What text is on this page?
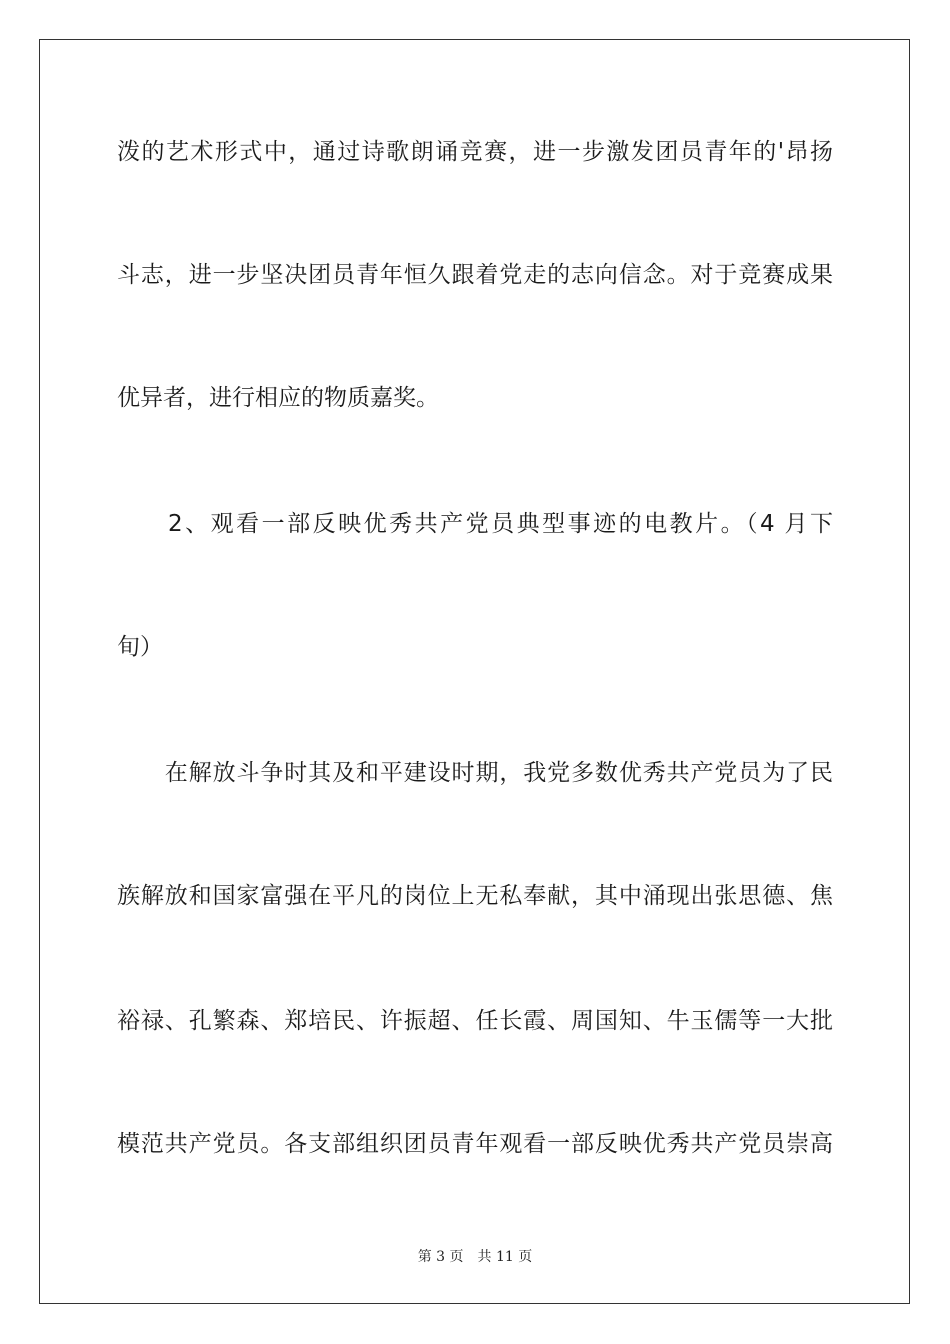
泼的艺术形式中，通过诗歌朗诵竞赛，进一步激发团员青年的'昂扬
斗志，进一步坚决团员青年恒久跟着党走的志向信念。对于竞赛成果
优异者，进行相应的物质嘉奖。
　　2、观看一部反映优秀共产党员典型事迹的电教片。（4 月下
旬）
　　在解放斗争时其及和平建设时期，我党多数优秀共产党员为了民
族解放和国家富强在平凡的岗位上无私奉献，其中涌现出张思德、焦
裕禄、孔繁森、郑培民、许振超、任长霞、周国知、牛玉儒等一大批
模范共产党员。各支部组织团员青年观看一部反映优秀共产党员崇高
第 3 页 共 11 页
